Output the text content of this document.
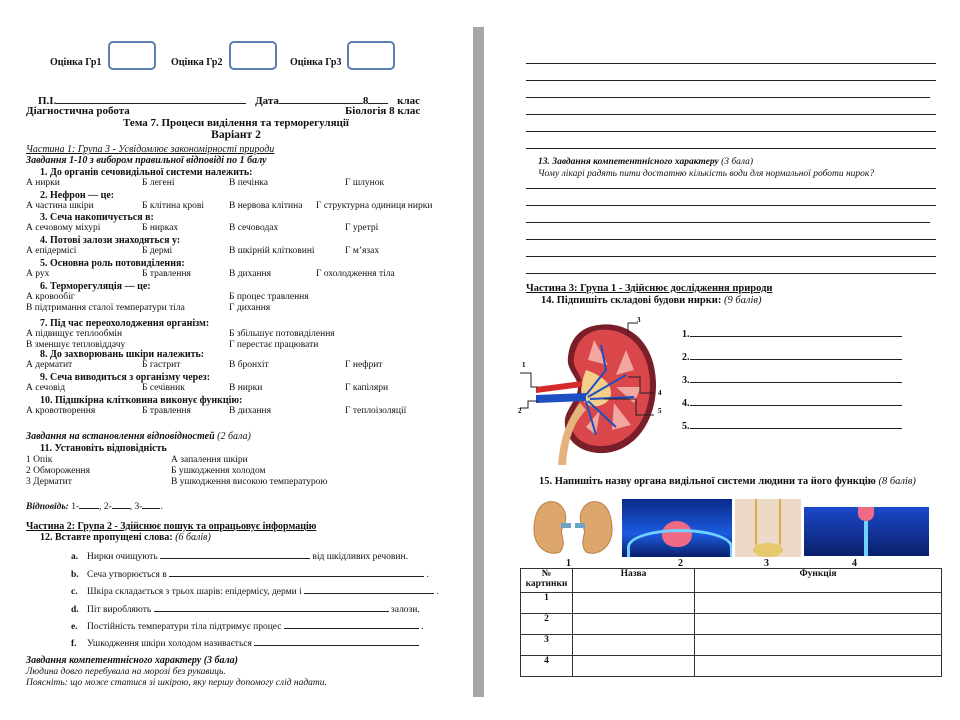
Оцінка Гр1	Оцінка Гр2	Оцінка Гр3
П.І.	Дата	8	клас
Діагностична робота	Біологія 8 клас
Тема 7. Процеси виділення та терморегуляції
Варіант 2
Частина 1: Група 3 - Усвідомлює закономірності природи
Завдання 1-10 з вибором правильної відповіді по 1 балу
1. До органів сечовидільної системи належить:
А нирки	Б легені	В печінка	Г шлунок
2. Нефрон — це:
А частина шкіри	Б клітина крові	В нервова клітина Г структурна одиниця нирки
3. Сеча накопичується в:
А сечовому міхурі	Б нирках	В сечоводах	Г уретрі
4. Потові залози знаходяться у:
А епідермісі	Б дермі	В шкірній клітковині	Г м’язах
5. Основна роль потовиділення:
А рух	Б травлення	В дихання	Г охолодження тіла
6. Терморегуляція — це:
А кровообіг	Б процес травлення
В підтримання сталої температури тіла	Г дихання
7. Під час переохолодження організм:
А підвищує теплообмін	Б збільшує потовиділення
В зменшує тепловіддачу	Г перестає працювати
8. До захворювань шкіри належить:
А дерматит	Б гастрит	В бронхіт	Г нефрит
9. Сеча виводиться з організму через:
А сечовід	Б сечівник	В нирки	Г капіляри
10. Підшкірна клітковина виконує функцію:
А кровотворення	Б травлення	В дихання	Г теплоізоляції
Завдання на встановлення відповідностей (2 бала)
11. Установіть відповідність
1 Опік
2 Обмороження
3 Дерматит
А запалення шкіри
Б ушкодження холодом
В ушкодження високою температурою
Відповідь: 1- , 2- , 3- .
Частина 2: Група 2 - Здійснює пошук та опрацьовує інформацію
12. Вставте пропущені слова: (6 балів)
a. Нирки очищують	від шкідливих речовин.
b. Сеча утворюється в	.
c. Шкіра складається з трьох шарів: епідермісу, дерми і	.
d. Піт виробляють	залози.
e. Постійність температури тіла підтримує процес	.
f. Ушкодження шкіри холодом називається
Завдання компетентнісного характеру (3 бала)
Людина довго перебувала на морозі без рукавиць.
Поясніть: що може статися зі шкірою, яку першу допомогу слід надати.
13. Завдання компетентнісного характеру (3 бала)
Чому лікарі радять пити достатню кількість води для нормальної роботи нирок?
Частина 3: Група 1 - Здійснює дослідження природи
14. Підпишіть складові будови нирки: (9 балів)
1
2
3
4
5
1.
2.
3.
4.
5.
15. Напишіть назву органа видільної системи людини та його функцію (8 балів)
1	2	3	4
№ картинки	Назва	Функція
1		
2		
3		
4		
